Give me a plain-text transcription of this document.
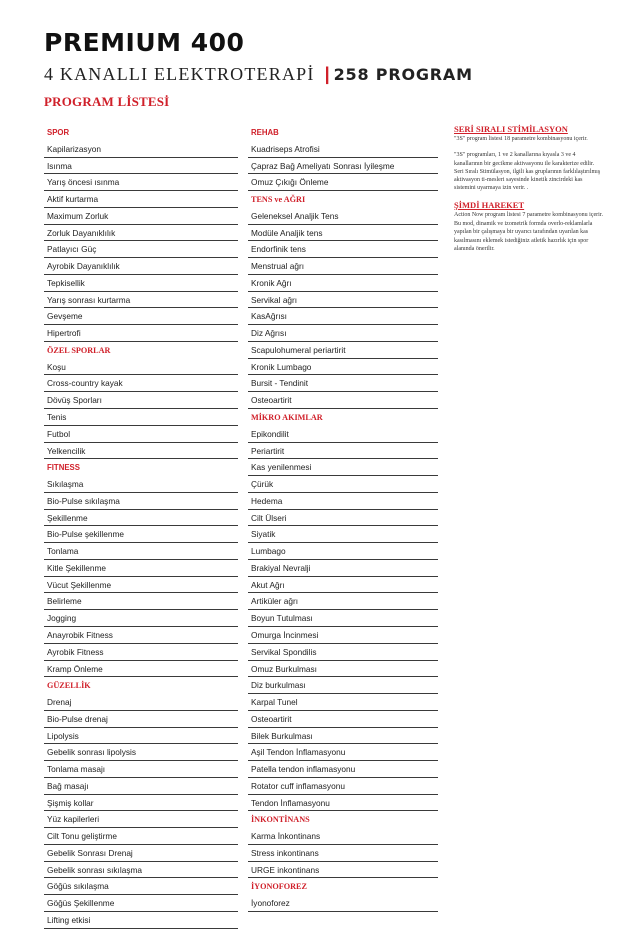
PREMIUM 400
4 KANALLI ELEKTROTERAPİ | 258 PROGRAM
PROGRAM LİSTESİ
SPOR
Kapilarizasyon
Isınma
Yarış öncesi ısınma
Aktif kurtarma
Maximum Zorluk
Zorluk Dayanıklılık
Patlayıcı Güç
Ayrobik Dayanıklılık
Tepkisellik
Yarış sonrası kurtarma
Gevşeme
Hipertrofi
ÖZEL SPORLAR
Koşu
Cross-country kayak
Dövüş Sporları
Tenis
Futbol
Yelkencilik
FITNESS
Sıkılaşma
Bio-Pulse sıkılaşma
Şekillenme
Bio-Pulse şekillenme
Tonlama
Kitle Şekillenme
Vücut Şekillenme
Belirleme
Jogging
Anayrobik Fitness
Ayrobik Fitness
Kramp Önleme
GÜZELLİK
Drenaj
Bio-Pulse drenaj
Lipolysis
Gebelik sonrası lipolysis
Tonlama masajı
Bağ masajı
Şişmiş kollar
Yüz kapilerleri
Cilt Tonu geliştirme
Gebelik Sonrası Drenaj
Gebelik sonrası sıkılaşma
Göğüs sıkılaşma
Göğüs Şekillenme
Lifting etkisi
REHAB
Kuadriseps Atrofisi
Çapraz Bağ Ameliyatı Sonrası İyileşme
Omuz Çıkığı Önleme
TENS ve AĞRI
Geleneksel Analjik Tens
Modüle Analjik tens
Endorfinik tens
Menstrual ağrı
Kronik Ağrı
Servikal ağrı
KasAğrısı
Diz Ağrısı
Scapulohumeral periartirit
Kronik Lumbago
Bursit - Tendinit
Osteoartirit
MİKRO AKIMLAR
Epikondilit
Periartirit
Kas yenilenmesi
Çürük
Hedema
Cilt Ülseri
Siyatik
Lumbago
Brakiyal Nevralji
Akut Ağrı
Artiküler ağrı
Boyun Tutulması
Omurga İncinmesi
Servikal Spondilis
Omuz Burkulması
Diz burkulması
Karpal Tunel
Osteoartirit
Bilek Burkulması
Aşil Tendon İnflamasyonu
Patella tendon inflamasyonu
Rotator cuff inflamasyonu
Tendon İnflamasyonu
İNKONTİNANS
Karma İnkontinans
Stress inkontinans
URGE inkontinans
İYONOFOREZ
İyonoforez

SERİ SIRALI STİMİLASYON

"3S" program listesi 18 parametre kombinasyonu içerir.

"3S" programları, 1 ve 2 kanallarına kıyasla 3 ve 4 kanallarının bir gecikme aktivasyonu ile karakterize edilir. Seri Sıralı Stimülasyon, ilgili kas gruplarının farklılaştırılmış aktivasyon ti-mesleri sayesinde kinetik zincirdeki kas sistemini uyarmaya izin verir. .

ŞİMDİ HAREKET

Action Now program listesi 7 parametre kombinasyonu içerir.

Bu mod, dinamik ve izometrik formda overlo-reklamlarla yapılan bir çalışmaya bir uyarıcı tarafından uyarılan kas kasılmasını eklemek istediğiniz atletik hazırlık için spor alanında önerilir.
